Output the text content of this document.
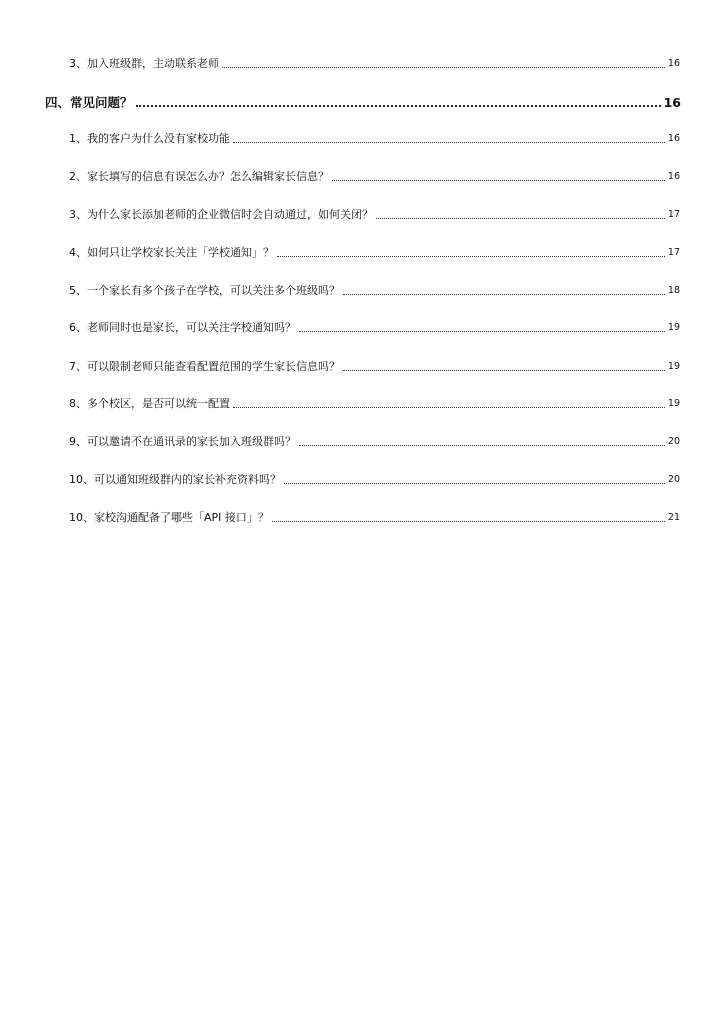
3、加入班级群，主动联系老师	16
四、常见问题？	16
1、我的客户为什么没有家校功能	16
2、家长填写的信息有误怎么办？怎么编辑家长信息？	16
3、为什么家长添加老师的企业微信时会自动通过，如何关闭？	17
4、如何只让学校家长关注「学校通知」？	17
5、一个家长有多个孩子在学校，可以关注多个班级吗？	18
6、老师同时也是家长，可以关注学校通知吗？	19
7、可以限制老师只能查看配置范围的学生家长信息吗？	19
8、多个校区，是否可以统一配置	19
9、可以邀请不在通讯录的家长加入班级群吗？	20
10、可以通知班级群内的家长补充资料吗？	20
10、家校沟通配备了哪些「API 接口」？	21
